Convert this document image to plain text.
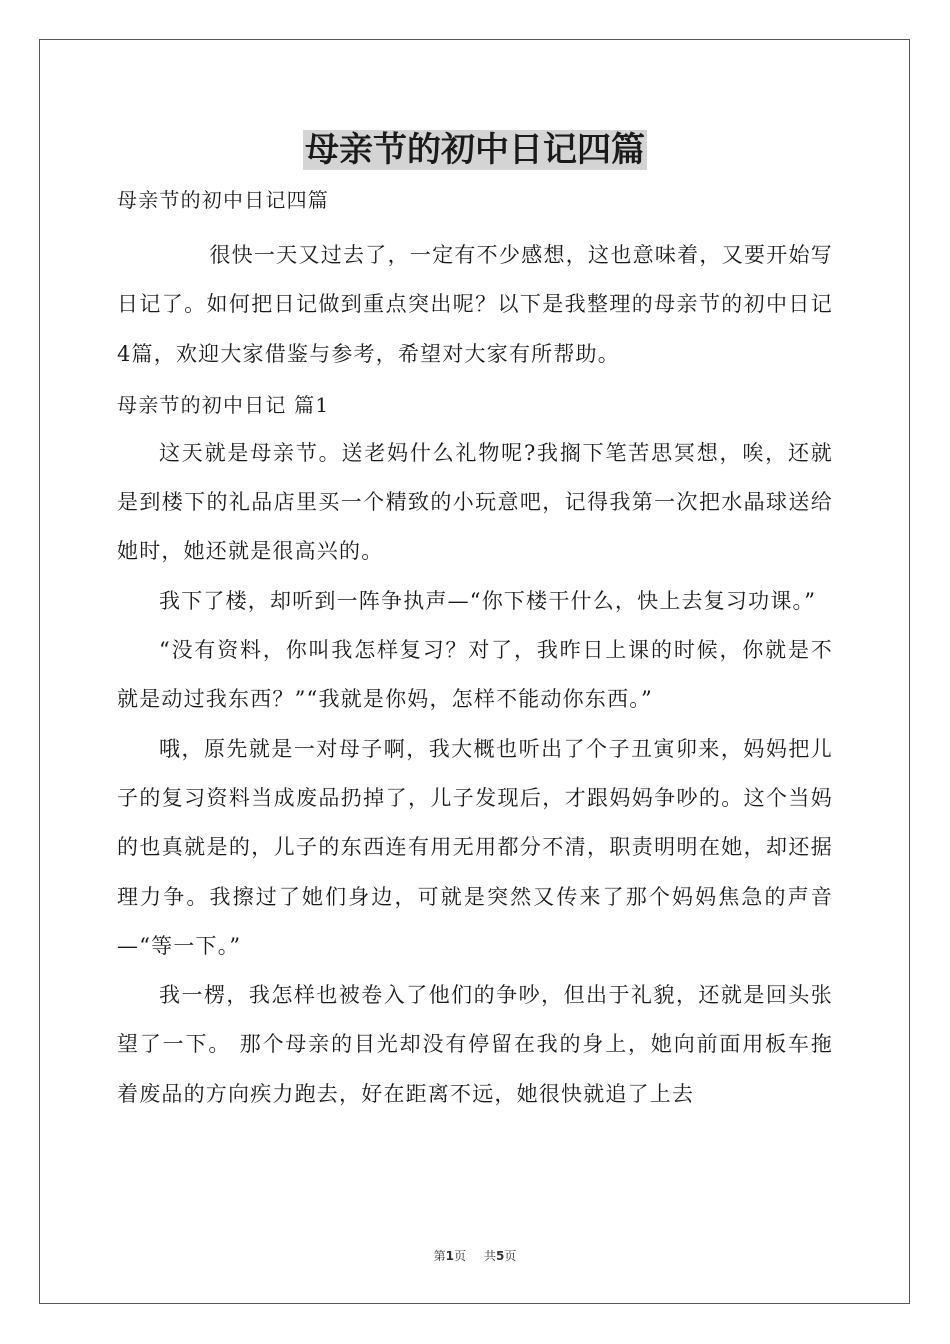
母亲节的初中日记四篇

母亲节的初中日记四篇

很快一天又过去了，一定有不少感想，这也意味着，又要开始写日记了。如何把日记做到重点突出呢？以下是我整理的母亲节的初中日记4篇，欢迎大家借鉴与参考，希望对大家有所帮助。

母亲节的初中日记 篇1

这天就是母亲节。送老妈什么礼物呢?我搁下笔苦思冥想，唉，还就是到楼下的礼品店里买一个精致的小玩意吧，记得我第一次把水晶球送给她时，她还就是很高兴的。

我下了楼，却听到一阵争执声—“你下楼干什么，快上去复习功课。”

“没有资料，你叫我怎样复习？对了，我昨日上课的时候，你就是不就是动过我东西？”“我就是你妈，怎样不能动你东西。”

哦，原先就是一对母子啊，我大概也听出了个子丑寅卯来，妈妈把儿子的复习资料当成废品扔掉了，儿子发现后，才跟妈妈争吵的。这个当妈的也真就是的，儿子的东西连有用无用都分不清，职责明明在她，却还据理力争。我擦过了她们身边，可就是突然又传来了那个妈妈焦急的声音—“等一下。”

我一楞，我怎样也被卷入了他们的争吵，但出于礼貌，还就是回头张望了一下。 那个母亲的目光却没有停留在我的身上，她向前面用板车拖着废品的方向疾力跑去，好在距离不远，她很快就追了上去

第1页 共5页
